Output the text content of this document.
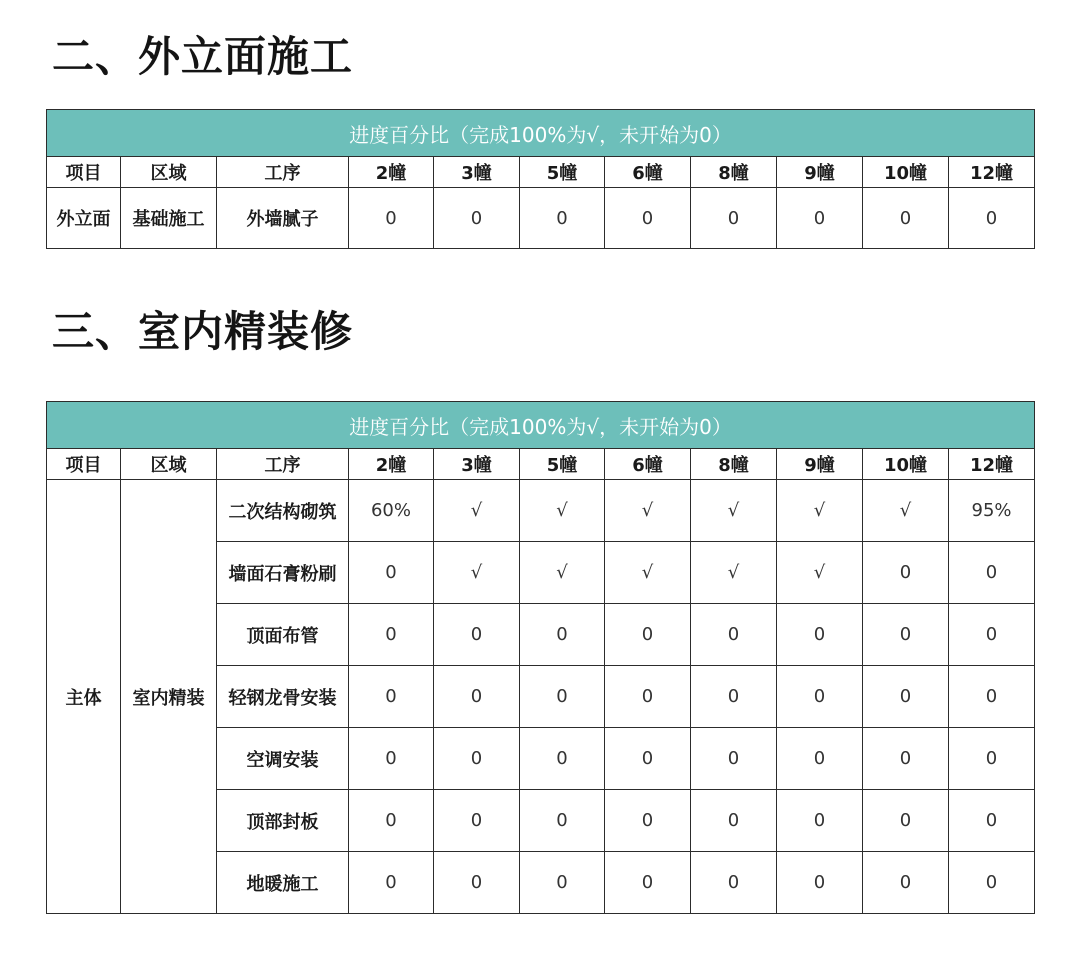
二、外立面施工
进度百分比（完成100%为√，未开始为0）										
项目	区域	工序	2幢	3幢	5幢	6幢	8幢	9幢	10幢	12幢
外立面	基础施工	外墙腻子	0	0	0	0	0	0	0	0
三、室内精装修
进度百分比（完成100%为√，未开始为0）										
项目	区域	工序	2幢	3幢	5幢	6幢	8幢	9幢	10幢	12幢
主体	室内精装	二次结构砌筑	60%	√	√	√	√	√	√	95%
		墙面石膏粉刷	0	√	√	√	√	√	0	0
		顶面布管	0	0	0	0	0	0	0	0
		轻钢龙骨安装	0	0	0	0	0	0	0	0
		空调安装	0	0	0	0	0	0	0	0
		顶部封板	0	0	0	0	0	0	0	0
		地暖施工	0	0	0	0	0	0	0	0
